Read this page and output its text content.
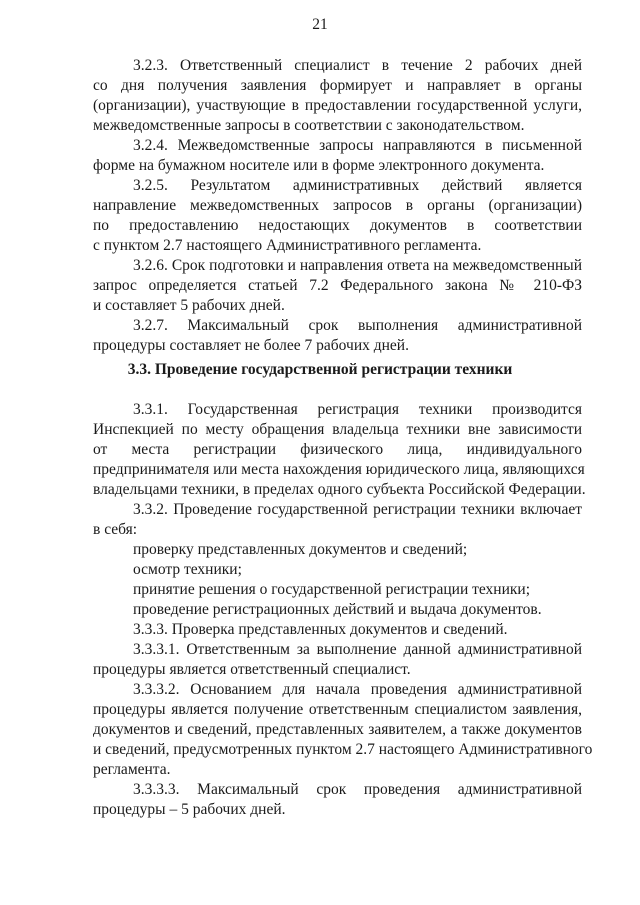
21
3.2.3. Ответственный специалист в течение 2 рабочих дней
со дня получения заявления формирует и направляет в органы
(организации), участвующие в предоставлении государственной услуги,
межведомственные запросы в соответствии с законодательством.
3.2.4. Межведомственные запросы направляются в письменной
форме на бумажном носителе или в форме электронного документа.
3.2.5. Результатом административных действий является
направление межведомственных запросов в органы (организации)
по предоставлению недостающих документов в соответствии
с пунктом 2.7 настоящего Административного регламента.
3.2.6. Срок подготовки и направления ответа на межведомственный
запрос определяется статьей 7.2 Федерального закона № 210-ФЗ
и составляет 5 рабочих дней.
3.2.7. Максимальный срок выполнения административной
процедуры составляет не более 7 рабочих дней.
3.3. Проведение государственной регистрации техники
3.3.1. Государственная регистрация техники производится
Инспекцией по месту обращения владельца техники вне зависимости
от места регистрации физического лица, индивидуального
предпринимателя или места нахождения юридического лица, являющихся
владельцами техники, в пределах одного субъекта Российской Федерации.
3.3.2. Проведение государственной регистрации техники включает
в себя:
проверку представленных документов и сведений;
осмотр техники;
принятие решения о государственной регистрации техники;
проведение регистрационных действий и выдача документов.
3.3.3. Проверка представленных документов и сведений.
3.3.3.1. Ответственным за выполнение данной административной
процедуры является ответственный специалист.
3.3.3.2. Основанием для начала проведения административной
процедуры является получение ответственным специалистом заявления,
документов и сведений, представленных заявителем, а также документов
и сведений, предусмотренных пунктом 2.7 настоящего Административного
регламента.
3.3.3.3. Максимальный срок проведения административной
процедуры – 5 рабочих дней.
